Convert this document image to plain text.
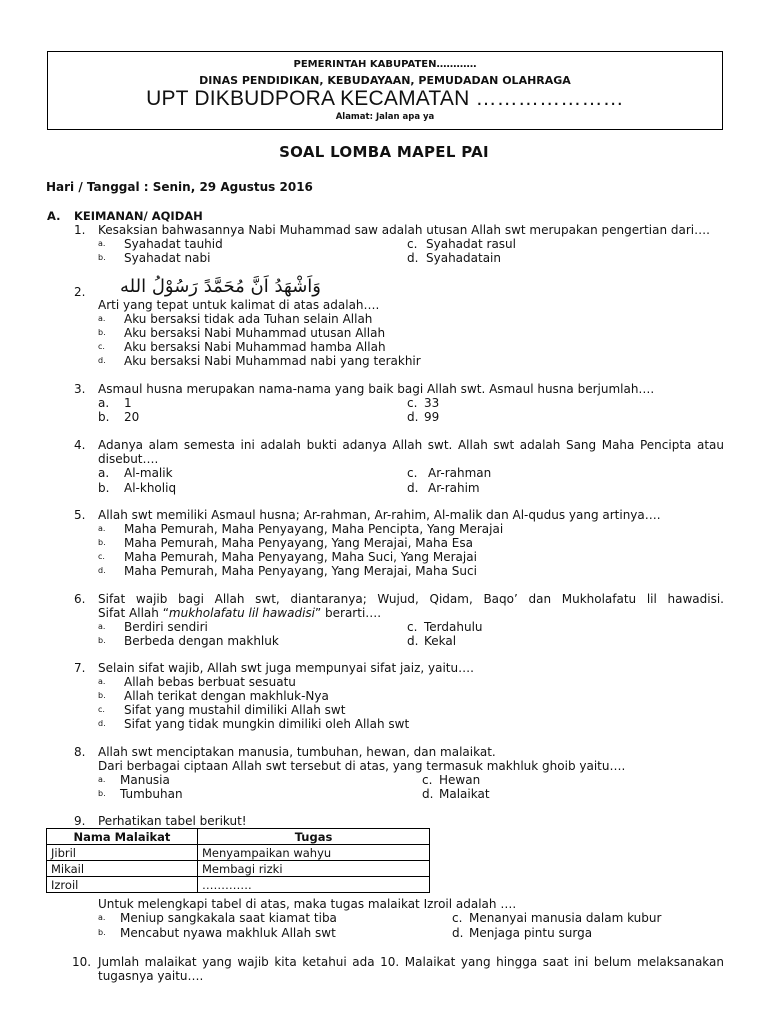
PEMERINTAH KABUPATEN…………
DINAS PENDIDIKAN, KEBUDAYAAN, PEMUDADAN OLAHRAGA
UPT DIKBUDPORA KECAMATAN …………………
Alamat: Jalan apa ya
SOAL LOMBA MAPEL PAI
Hari / Tanggal : Senin, 29 Agustus 2016
A. KEIMANAN/ AQIDAH
1. Kesaksian bahwasannya Nabi Muhammad saw adalah utusan Allah swt merupakan pengertian dari….
a. Syahadat tauhid
b. Syahadat nabi
c. Syahadat rasul
d. Syahadatain
2. وَاَشْهَدُ اَنَّ مُحَمَّدً رَسُوْلُ الله
Arti yang tepat untuk kalimat di atas adalah….
a. Aku bersaksi tidak ada Tuhan selain Allah
b. Aku bersaksi Nabi Muhammad utusan Allah
c. Aku bersaksi Nabi Muhammad hamba Allah
d. Aku bersaksi Nabi Muhammad nabi yang terakhir
3. Asmaul husna merupakan nama-nama yang baik bagi Allah swt. Asmaul husna berjumlah….
a. 1
b. 20
c. 33
d. 99
4. Adanya alam semesta ini adalah bukti adanya Allah swt. Allah swt adalah Sang Maha Pencipta atau disebut….
a. Al-malik
b. Al-kholiq
c. Ar-rahman
d. Ar-rahim
5. Allah swt memiliki Asmaul husna; Ar-rahman, Ar-rahim, Al-malik dan Al-qudus yang artinya….
a. Maha Pemurah, Maha Penyayang, Maha Pencipta, Yang Merajai
b. Maha Pemurah, Maha Penyayang, Yang Merajai, Maha Esa
c. Maha Pemurah, Maha Penyayang, Maha Suci, Yang Merajai
d. Maha Pemurah, Maha Penyayang, Yang Merajai, Maha Suci
6. Sifat wajib bagi Allah swt, diantaranya; Wujud, Qidam, Baqo’ dan Mukholafatu lil hawadisi.
Sifat Allah “mukholafatu lil hawadisi” berarti….
a. Berdiri sendiri
b. Berbeda dengan makhluk
c. Terdahulu
d. Kekal
7. Selain sifat wajib, Allah swt juga mempunyai sifat jaiz, yaitu….
a. Allah bebas berbuat sesuatu
b. Allah terikat dengan makhluk-Nya
c. Sifat yang mustahil dimiliki Allah swt
d. Sifat yang tidak mungkin dimiliki oleh Allah swt
8. Allah swt menciptakan manusia, tumbuhan, hewan, dan malaikat.
Dari berbagai ciptaan Allah swt tersebut di atas, yang termasuk makhluk ghoib yaitu….
a. Manusia
b. Tumbuhan
c. Hewan
d. Malaikat
9. Perhatikan tabel berikut!
Nama Malaikat	Tugas
Jibril	Menyampaikan wahyu
Mikail	Membagi rizki
Izroil	………….
Untuk melengkapi tabel di atas, maka tugas malaikat Izroil adalah ….
a. Meniup sangkakala saat kiamat tiba
b. Mencabut nyawa makhluk Allah swt
c. Menanyai manusia dalam kubur
d. Menjaga pintu surga
10. Jumlah malaikat yang wajib kita ketahui ada 10. Malaikat yang hingga saat ini belum melaksanakan tugasnya yaitu….
